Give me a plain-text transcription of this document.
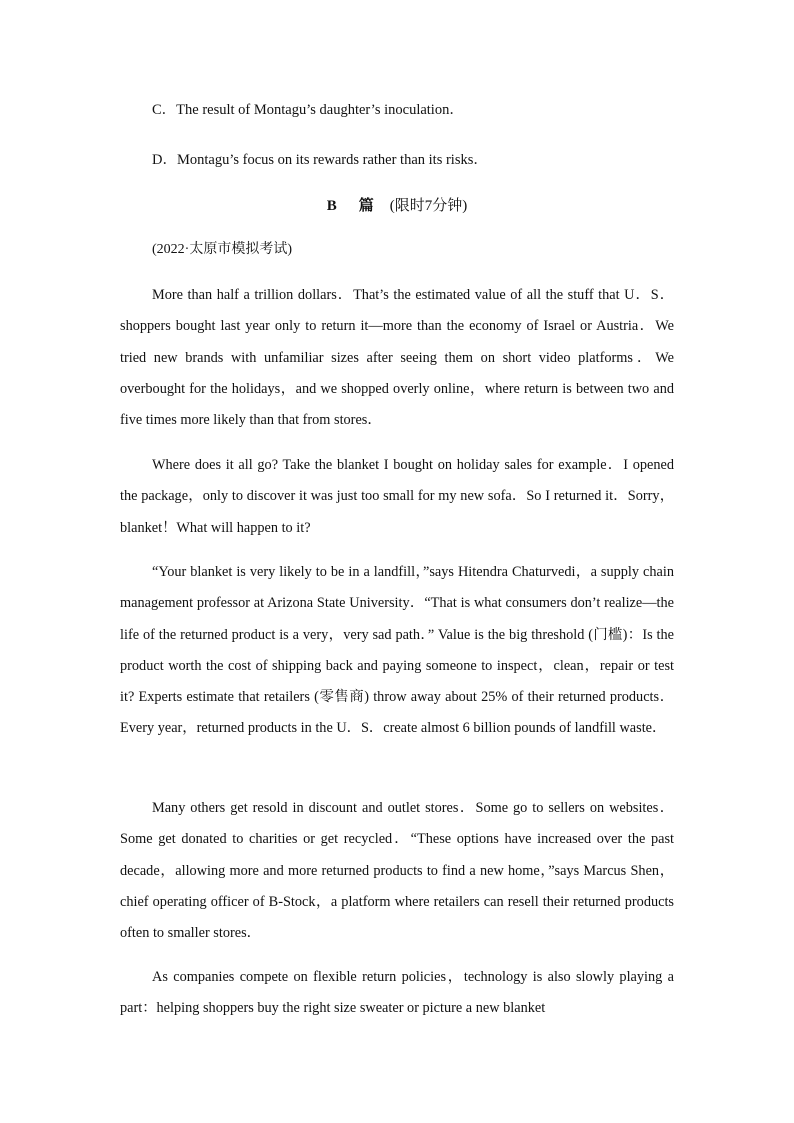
C．The result of Montagu’s daughter’s inoculation．
D．Montagu’s focus on its rewards rather than its risks．
B 篇 (限时7分钟)
(2022·太原市模拟考试)

More than half a trillion dollars．That’s the estimated value of all the stuff that U．S．shoppers bought last year only to return it—more than the economy of Israel or Austria．We tried new brands with unfamiliar sizes after seeing them on short video platforms．We overbought for the holidays，and we shopped overly online，where return is between two and five times more likely than that from stores．

Where does it all go? Take the blanket I bought on holiday sales for example．I opened the package，only to discover it was just too small for my new sofa．So I returned it．Sorry，blanket！What will happen to it?

“Your blanket is very likely to be in a landfill，”says Hitendra Chaturvedi，a supply chain management professor at Arizona State University．“That is what consumers don’t realize—the life of the returned product is a very，very sad path．” Value is the big threshold (门槛)：Is the product worth the cost of shipping back and paying someone to inspect，clean，repair or test it? Experts estimate that retailers (零售商) throw away about 25% of their returned products．Every year，returned products in the U．S．create almost 6 billion pounds of landfill waste．

Many others get resold in discount and outlet stores．Some go to sellers on websites．Some get donated to charities or get recycled．“These options have increased over the past decade，allowing more and more returned products to find a new home，”says Marcus Shen，chief operating officer of B-Stock，a platform where retailers can resell their returned products often to smaller stores．

As companies compete on flexible return policies，technology is also slowly playing a part：helping shoppers buy the right size sweater or picture a new blanket
